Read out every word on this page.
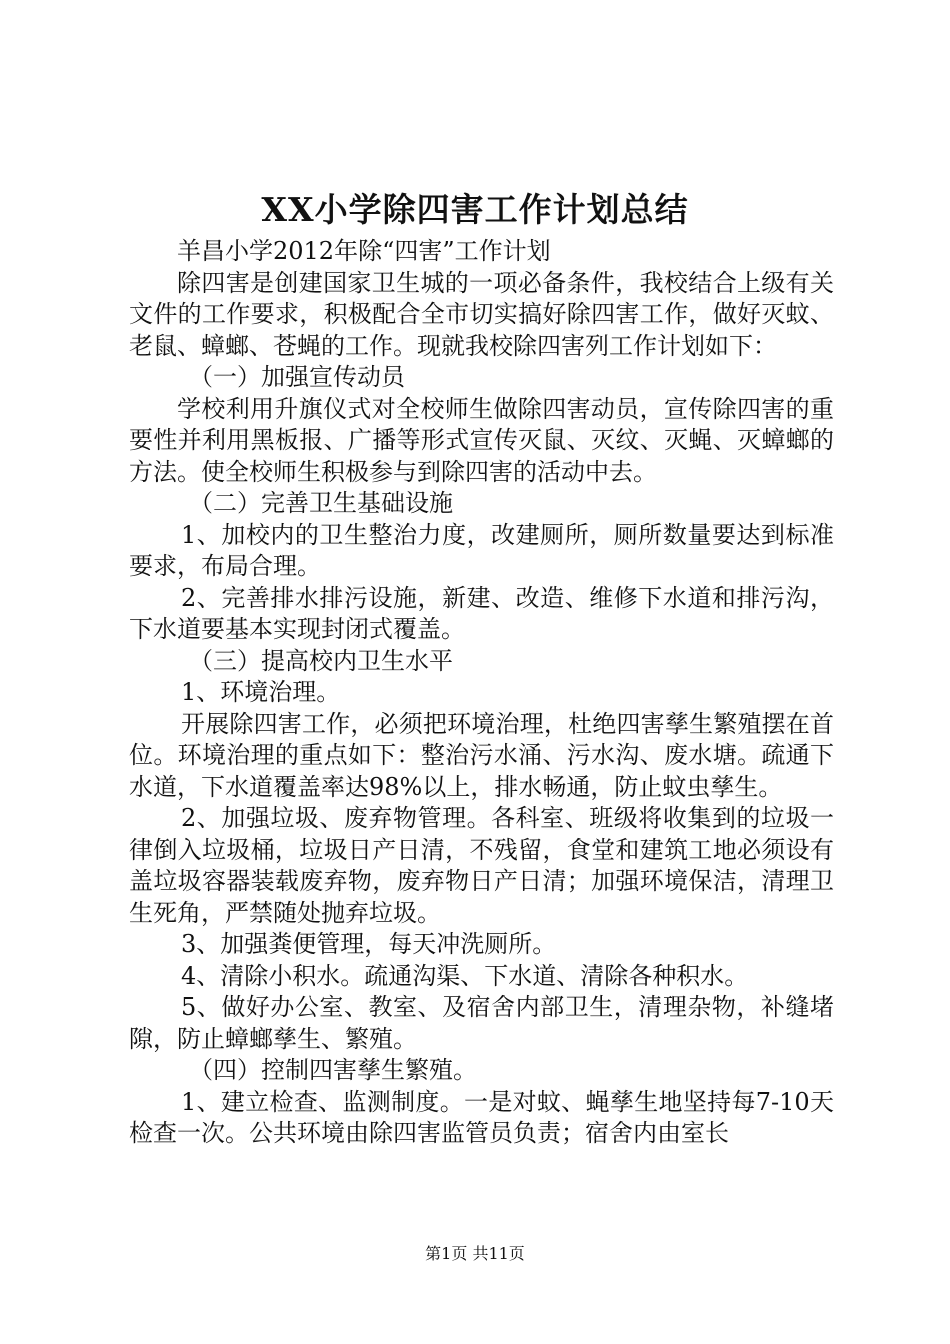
XX小学除四害工作计划总结

羊昌小学2012年除“四害”工作计划

除四害是创建国家卫生城的一项必备条件，我校结合上级有关文件的工作要求，积极配合全市切实搞好除四害工作，做好灭蚊、老鼠、蟑螂、苍蝇的工作。现就我校除四害列工作计划如下：

（一）加强宣传动员

学校利用升旗仪式对全校师生做除四害动员，宣传除四害的重要性并利用黑板报、广播等形式宣传灭鼠、灭纹、灭蝇、灭蟑螂的方法。使全校师生积极参与到除四害的活动中去。

（二）完善卫生基础设施

1、加校内的卫生整治力度，改建厕所，厕所数量要达到标准要求，布局合理。

2、完善排水排污设施，新建、改造、维修下水道和排污沟，下水道要基本实现封闭式覆盖。

（三）提高校内卫生水平

1、环境治理。

开展除四害工作，必须把环境治理，杜绝四害孳生繁殖摆在首位。环境治理的重点如下：整治污水涌、污水沟、废水塘。疏通下水道，下水道覆盖率达98%以上，排水畅通，防止蚊虫孳生。

2、加强垃圾、废弃物管理。各科室、班级将收集到的垃圾一律倒入垃圾桶，垃圾日产日清，不残留，食堂和建筑工地必须设有盖垃圾容器装载废弃物，废弃物日产日清；加强环境保洁，清理卫生死角，严禁随处抛弃垃圾。

3、加强粪便管理，每天冲洗厕所。

4、清除小积水。疏通沟渠、下水道、清除各种积水。

5、做好办公室、教室、及宿舍内部卫生，清理杂物，补缝堵隙，防止蟑螂孳生、繁殖。

（四）控制四害孳生繁殖。

1、建立检查、监测制度。一是对蚊、蝇孳生地坚持每7-10天检查一次。公共环境由除四害监管员负责；宿舍内由室长

第1页 共11页
